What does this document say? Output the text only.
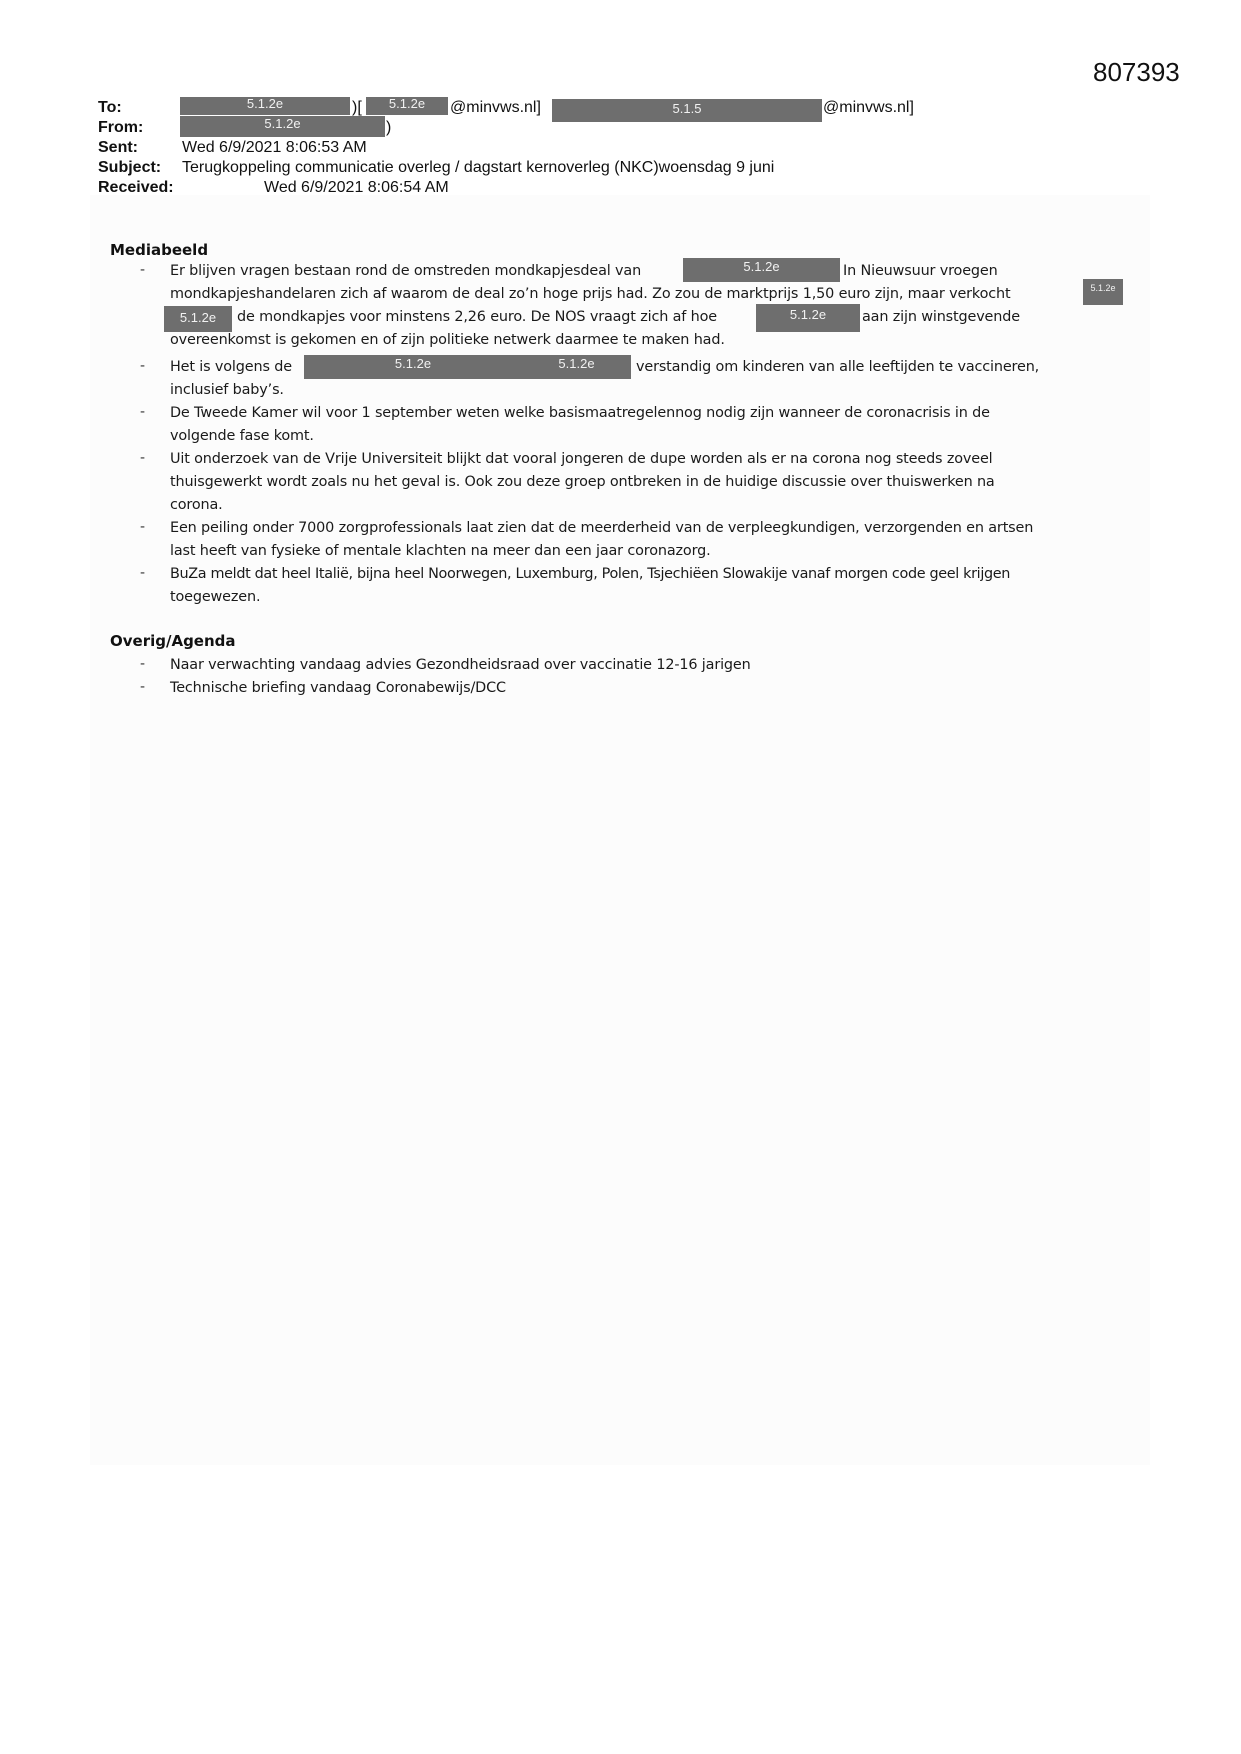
807393
To:	5.1.2e	)[	5.1.2e	@minvws.nl]	5.1.5	@minvws.nl]
From:	5.1.2e	)
Sent:	Wed 6/9/2021 8:06:53 AM
Subject: Terugkoppeling communicatie overleg / dagstart kernoverleg (NKC)woensdag 9 juni
Received:	Wed 6/9/2021 8:06:54 AM
Mediabeeld
- Er blijven vragen bestaan rond de omstreden mondkapjesdeal van	5.1.2e	In Nieuwsuur vroegen
mondkapjeshandelaren zich af waarom de deal zo’n hoge prijs had. Zo zou de marktprijs 1,50 euro zijn, maar verkocht	5.1.2e
5.1.2e	de mondkapjes voor minstens 2,26 euro. De NOS vraagt zich af hoe	5.1.2e	aan zijn winstgevende
overeenkomst is gekomen en of zijn politieke netwerk daarmee te maken had.
- Het is volgens de	5.1.2e	5.1.2e	verstandig om kinderen van alle leeftijden te vaccineren,
inclusief baby’s.
- De Tweede Kamer wil voor 1 september weten welke basismaatregelennog nodig zijn wanneer de coronacrisis in de
volgende fase komt.
- Uit onderzoek van de Vrije Universiteit blijkt dat vooral jongeren de dupe worden als er na corona nog steeds zoveel
thuisgewerkt wordt zoals nu het geval is. Ook zou deze groep ontbreken in de huidige discussie over thuiswerken na
corona.
- Een peiling onder 7000 zorgprofessionals laat zien dat de meerderheid van de verpleegkundigen, verzorgenden en artsen
last heeft van fysieke of mentale klachten na meer dan een jaar coronazorg.
- BuZa meldt dat heel Italië, bijna heel Noorwegen, Luxemburg, Polen, Tsjechiëen Slowakije vanaf morgen code geel krijgen
toegewezen.
Overig/Agenda
- Naar verwachting vandaag advies Gezondheidsraad over vaccinatie 12-16 jarigen
- Technische briefing vandaag Coronabewijs/DCC
